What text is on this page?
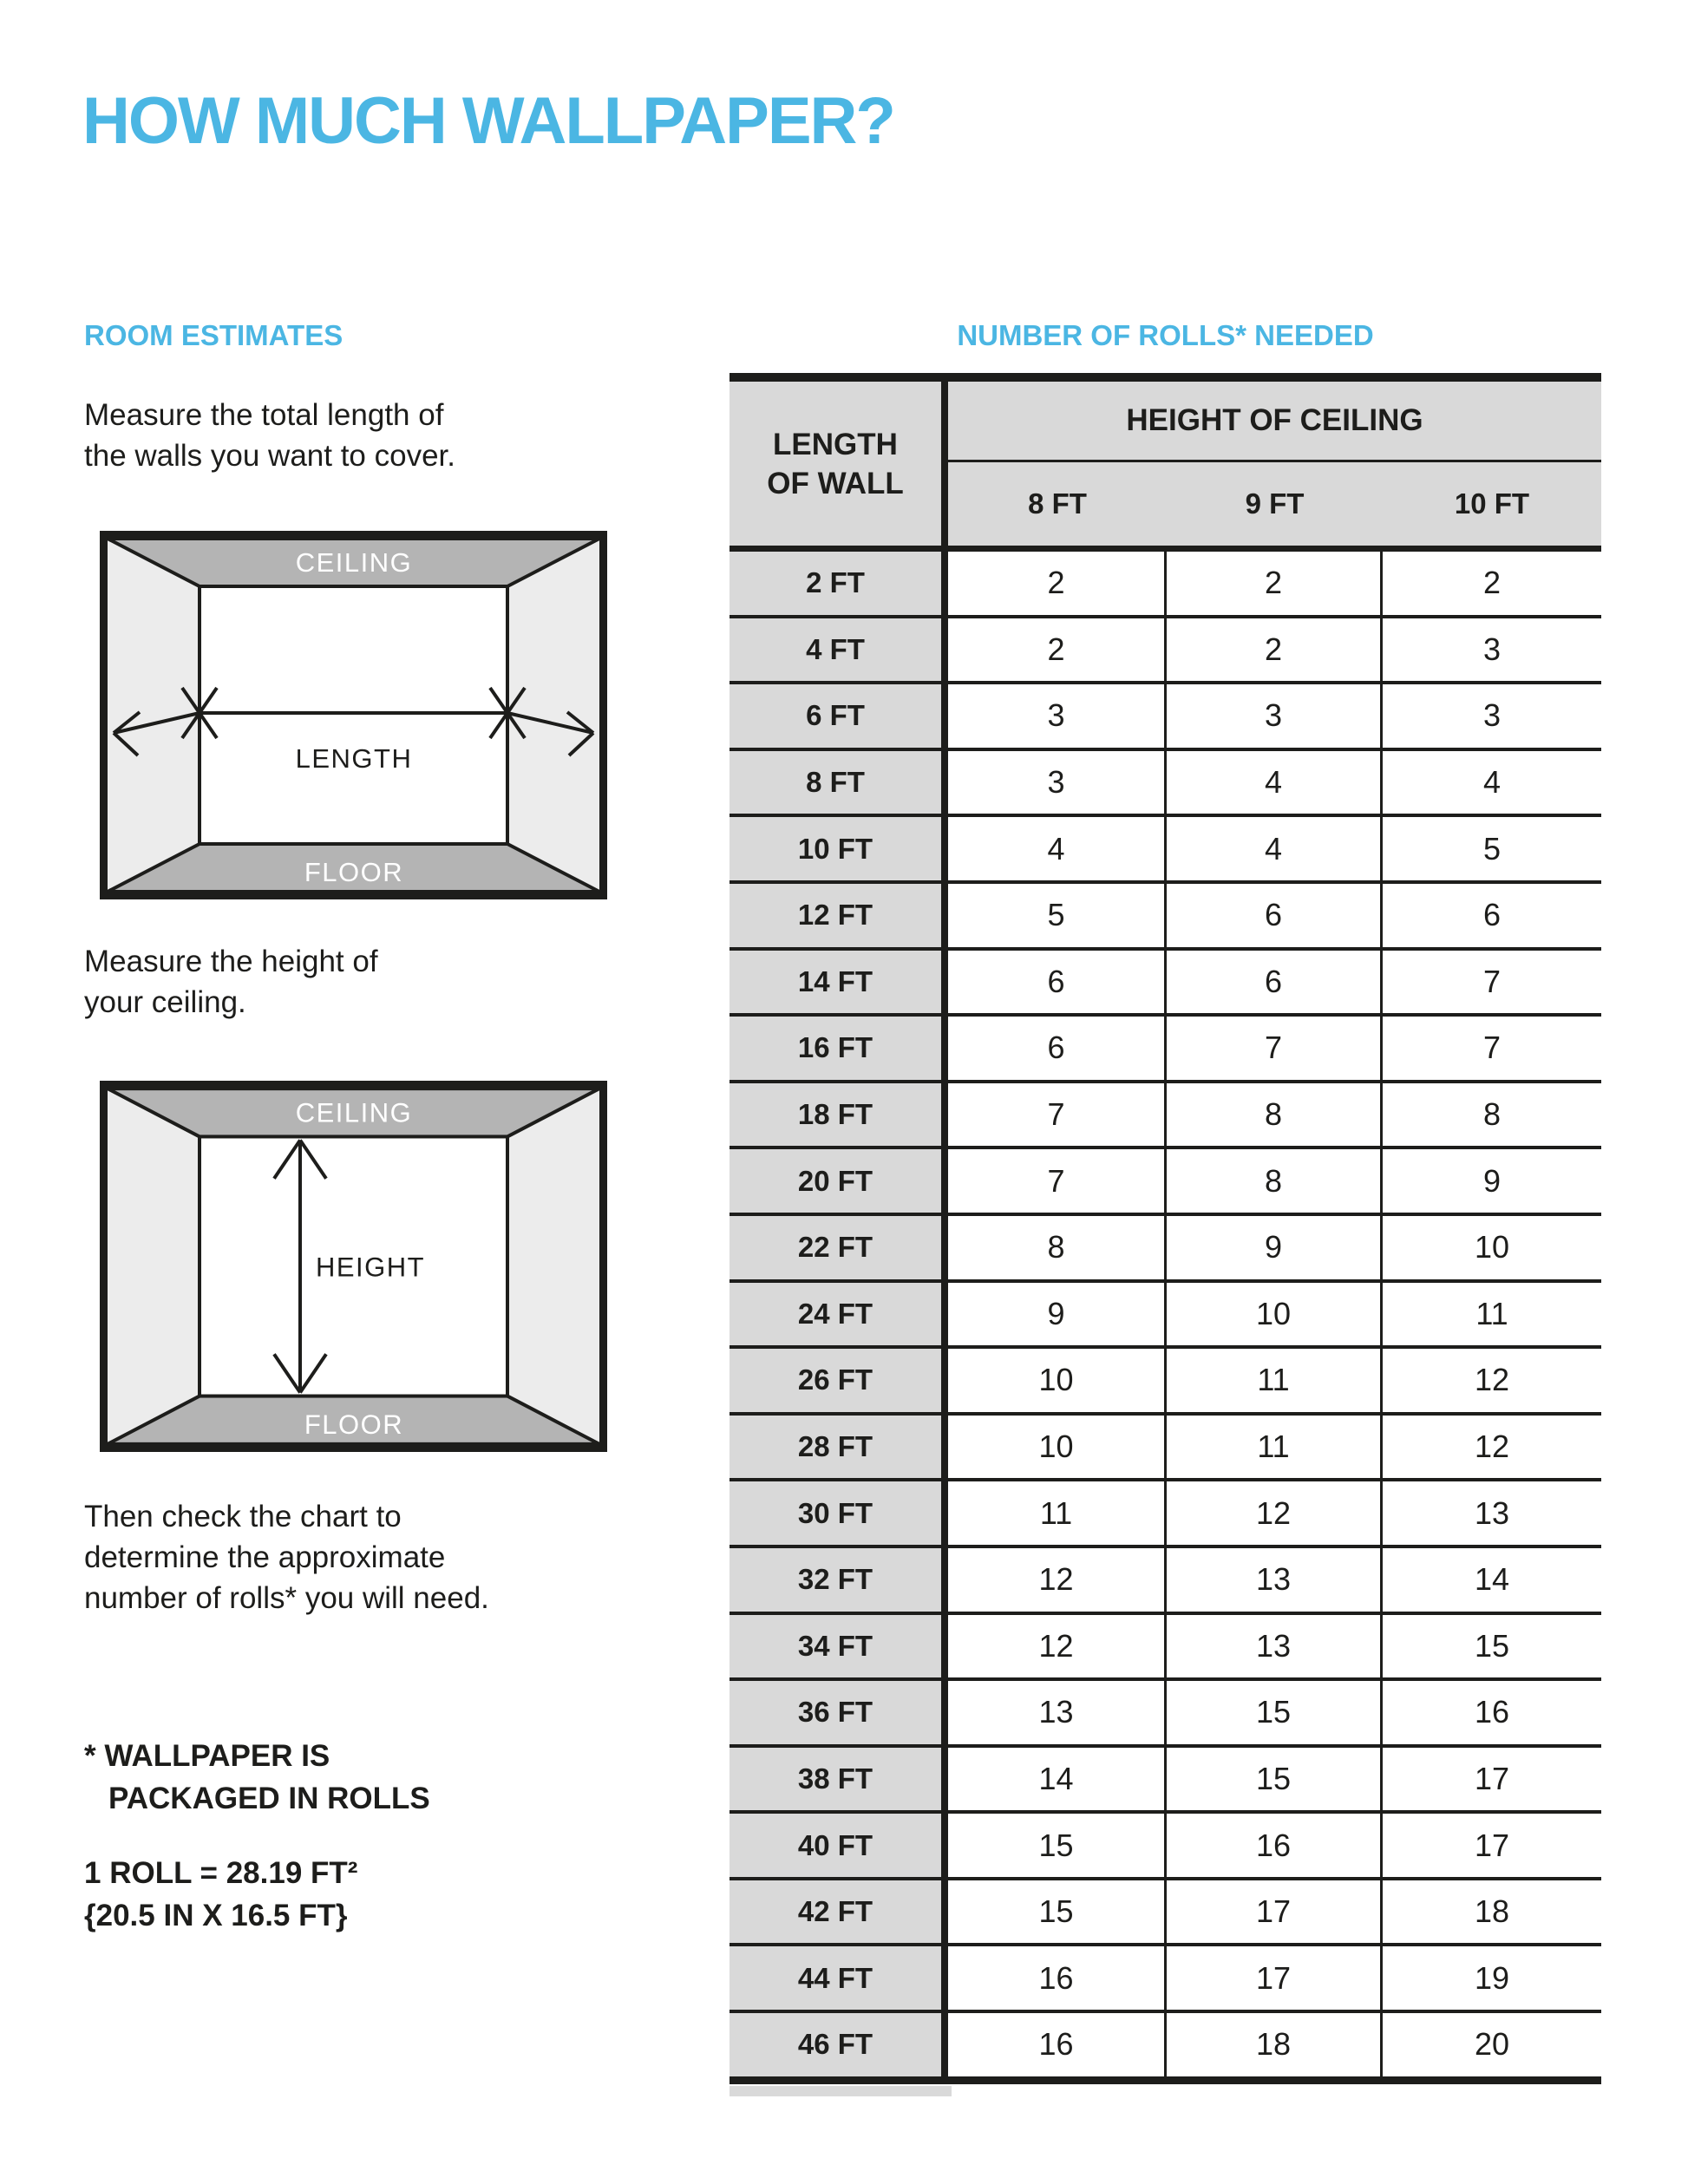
HOW MUCH WALLPAPER?
ROOM ESTIMATES	NUMBER OF ROLLS* NEEDED
Measure the total length of
the walls you want to cover.
CEILING
FLOOR
LENGTH
Measure the height of
your ceiling.
CEILING
FLOOR
HEIGHT
Then check the chart to
determine the approximate
number of rolls* you will need.
* WALLPAPER IS
PACKAGED IN ROLLS
1 ROLL = 28.19 FT²
{20.5 IN X 16.5 FT}
LENGTH
OF WALL
HEIGHT OF CEILING
8 FT	9 FT	10 FT
2 FT	2	2	2
4 FT	2	2	3
6 FT	3	3	3
8 FT	3	4	4
10 FT	4	4	5
12 FT	5	6	6
14 FT	6	6	7
16 FT	6	7	7
18 FT	7	8	8
20 FT	7	8	9
22 FT	8	9	10
24 FT	9	10	11
26 FT	10	11	12
28 FT	10	11	12
30 FT	11	12	13
32 FT	12	13	14
34 FT	12	13	15
36 FT	13	15	16
38 FT	14	15	17
40 FT	15	16	17
42 FT	15	17	18
44 FT	16	17	19
46 FT	16	18	20
